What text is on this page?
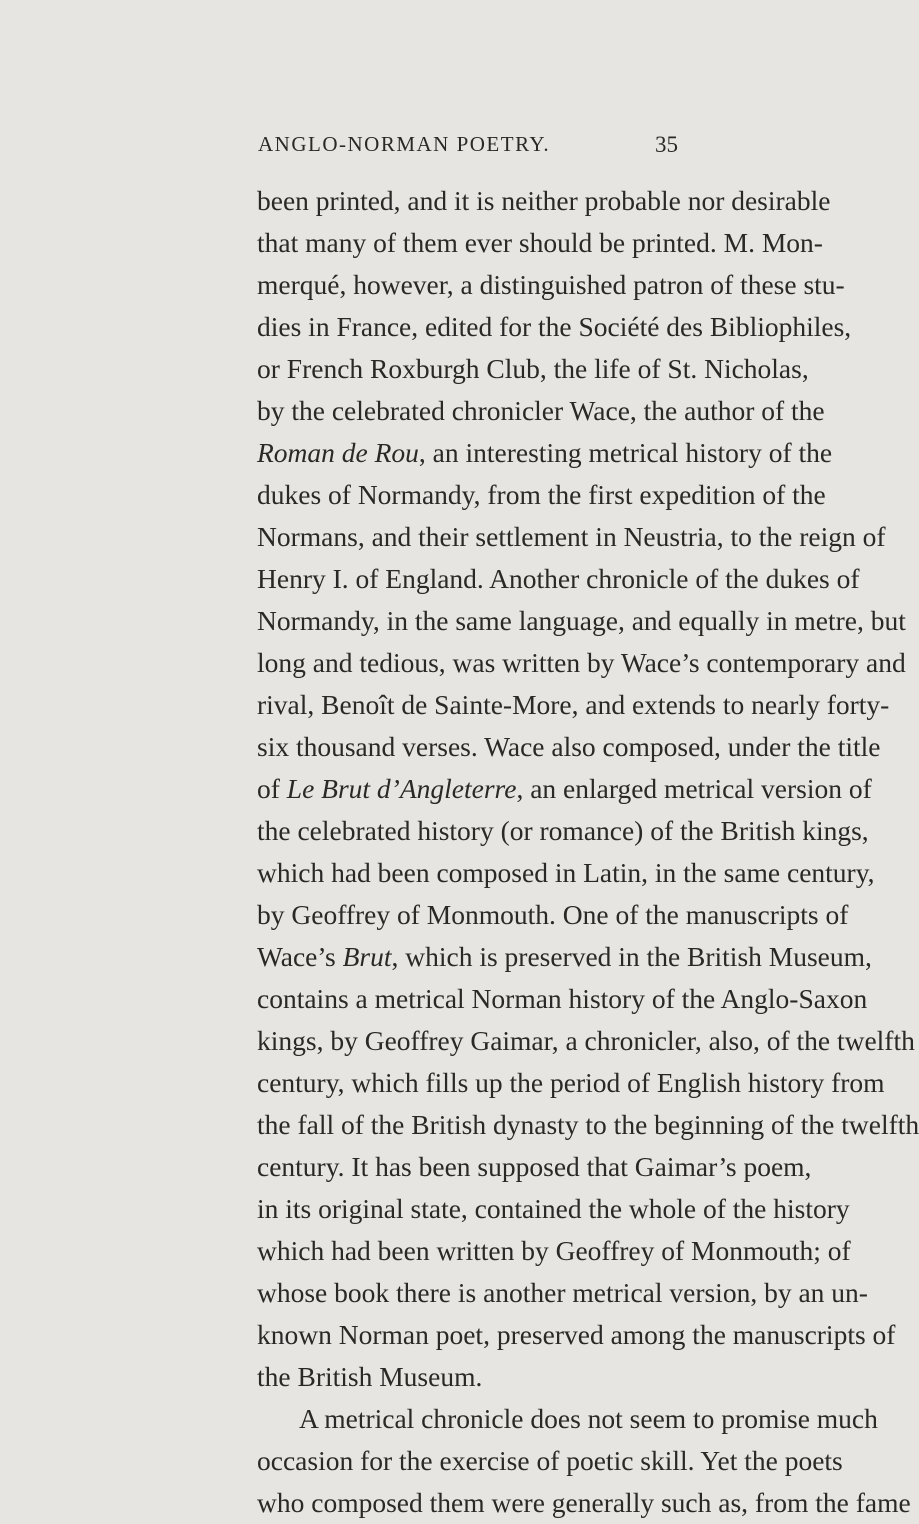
ANGLO-NORMAN POETRY.	35
been printed, and it is neither probable nor desirable
that many of them ever should be printed. M. Mon-
merqué, however, a distinguished patron of these stu-
dies in France, edited for the Société des Bibliophiles,
or French Roxburgh Club, the life of St. Nicholas,
by the celebrated chronicler Wace, the author of the
Roman de Rou, an interesting metrical history of the
dukes of Normandy, from the first expedition of the
Normans, and their settlement in Neustria, to the reign of
Henry I. of England. Another chronicle of the dukes of
Normandy, in the same language, and equally in metre, but
long and tedious, was written by Wace’s contemporary and
rival, Benoît de Sainte-More, and extends to nearly forty-
six thousand verses. Wace also composed, under the title
of Le Brut d’Angleterre, an enlarged metrical version of
the celebrated history (or romance) of the British kings,
which had been composed in Latin, in the same century,
by Geoffrey of Monmouth. One of the manuscripts of
Wace’s Brut, which is preserved in the British Museum,
contains a metrical Norman history of the Anglo-Saxon
kings, by Geoffrey Gaimar, a chronicler, also, of the twelfth
century, which fills up the period of English history from
the fall of the British dynasty to the beginning of the twelfth
century. It has been supposed that Gaimar’s poem,
in its original state, contained the whole of the history
which had been written by Geoffrey of Monmouth; of
whose book there is another metrical version, by an un-
known Norman poet, preserved among the manuscripts of
the British Museum.
A metrical chronicle does not seem to promise much
occasion for the exercise of poetic skill. Yet the poets
who composed them were generally such as, from the fame
